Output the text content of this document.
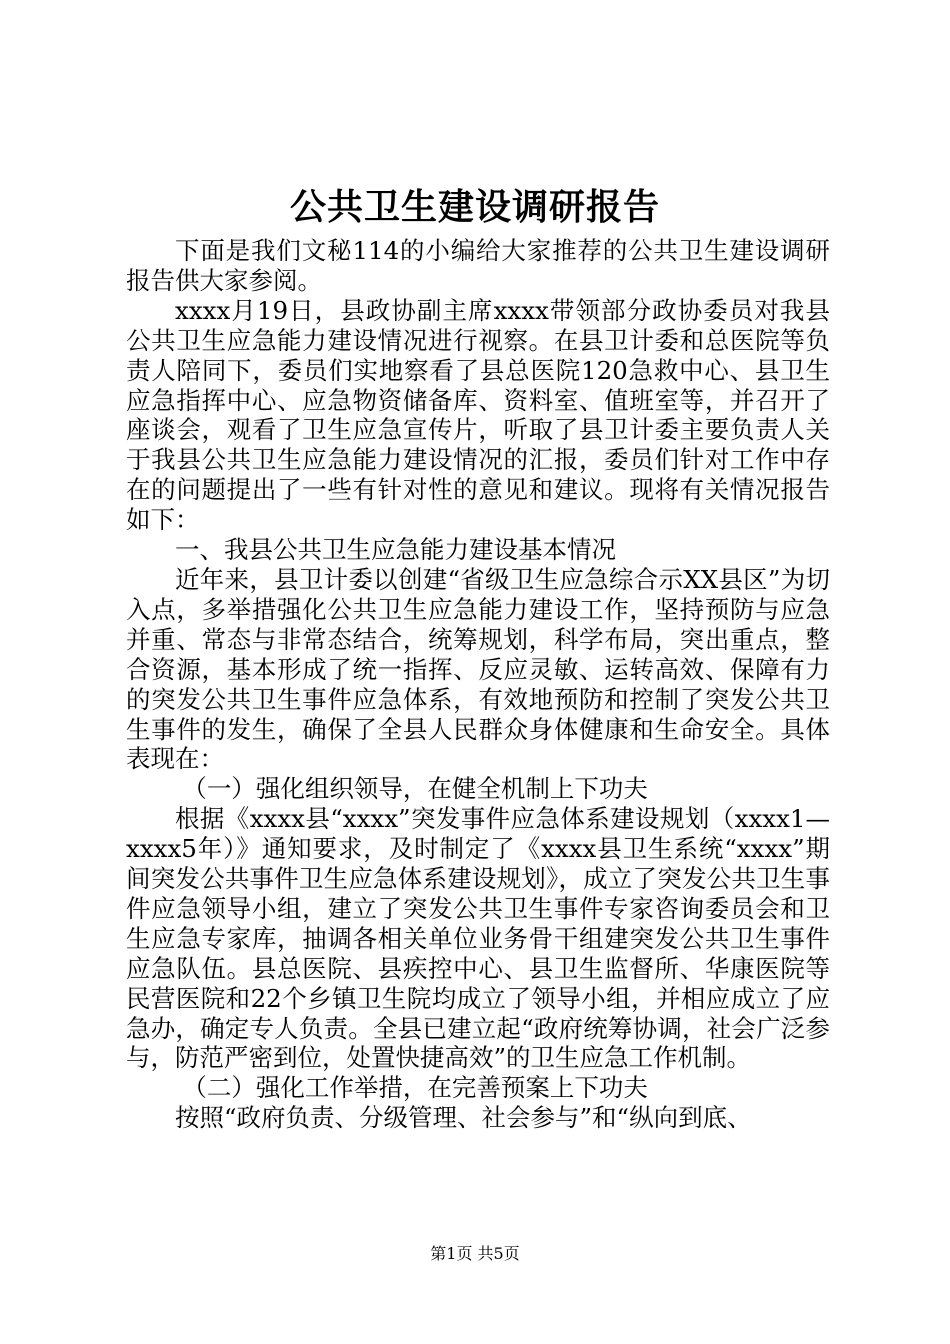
公共卫生建设调研报告

下面是我们文秘114的小编给大家推荐的公共卫生建设调研报告供大家参阅。

xxxx月19日，县政协副主席xxxx带领部分政协委员对我县公共卫生应急能力建设情况进行视察。在县卫计委和总医院等负责人陪同下，委员们实地察看了县总医院120急救中心、县卫生应急指挥中心、应急物资储备库、资料室、值班室等，并召开了座谈会，观看了卫生应急宣传片，听取了县卫计委主要负责人关于我县公共卫生应急能力建设情况的汇报，委员们针对工作中存在的问题提出了一些有针对性的意见和建议。现将有关情况报告如下：

一、我县公共卫生应急能力建设基本情况

近年来，县卫计委以创建“省级卫生应急综合示XX县区”为切入点，多举措强化公共卫生应急能力建设工作，坚持预防与应急并重、常态与非常态结合，统筹规划，科学布局，突出重点，整合资源，基本形成了统一指挥、反应灵敏、运转高效、保障有力的突发公共卫生事件应急体系，有效地预防和控制了突发公共卫生事件的发生，确保了全县人民群众身体健康和生命安全。具体表现在：

（一）强化组织领导，在健全机制上下功夫

根据《xxxx县“xxxx”突发事件应急体系建设规划（xxxx1—xxxx5年）》通知要求，及时制定了《xxxx县卫生系统“xxxx”期间突发公共事件卫生应急体系建设规划》，成立了突发公共卫生事件应急领导小组，建立了突发公共卫生事件专家咨询委员会和卫生应急专家库，抽调各相关单位业务骨干组建突发公共卫生事件应急队伍。县总医院、县疾控中心、县卫生监督所、华康医院等民营医院和22个乡镇卫生院均成立了领导小组，并相应成立了应急办，确定专人负责。全县已建立起“政府统筹协调，社会广泛参与，防范严密到位，处置快捷高效”的卫生应急工作机制。

（二）强化工作举措，在完善预案上下功夫

按照“政府负责、分级管理、社会参与”和“纵向到底、

第1页 共5页
